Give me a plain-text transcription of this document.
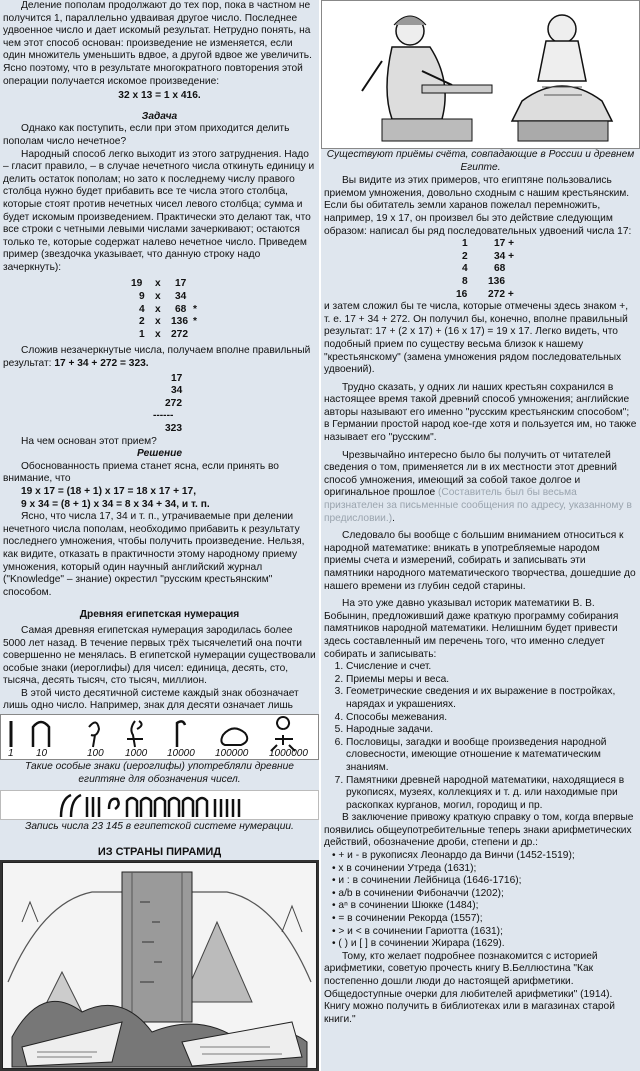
Деление пополам продолжают до тех пор, пока в частном не получится 1, параллельно удваивая другое число. Последнее удвоенное число и дает искомый результат. Нетрудно понять, на чем этот способ основан: произведение не изменяется, если один множитель уменьшить вдвое, а другой вдвое же увеличить. Ясно поэтому, что в результате многократного повторения этой операции получается искомое произведение:
32 х 13 = 1 х 416.
Задача
Однако как поступить, если при этом приходится делить пополам число нечетное?
Народный способ легко выходит из этого затруднения. Надо – гласит правило, – в случае нечетного числа откинуть единицу и делить остаток пополам; но зато к последнему числу правого столбца нужно будет прибавить все те числа этого столбца, которые стоят против нечетных чисел левого столбца; сумма и будет искомым произведением. Практически это делают так, что все строки с четными левыми числами зачеркивают; остаются только те, которые содержат налево нечетное число. Приведем пример (звездочка указывает, что данную строку надо зачеркнуть):
19 х 17
9 х 34
4 х 68 *
2 х 136 *
1 х 272
Сложив незачеркнутые числа, получаем вполне правильный результат: 17 + 34 + 272 = 323.
17
34
272
------
323
На чем основан этот прием?
Решение
Обоснованность приема станет ясна, если принять во внимание, что
19 х 17 = (18 + 1) х 17 = 18 х 17 + 17,
9 х 34 = (8 + 1) х 34 = 8 х 34 + 34, и т. п.
Ясно, что числа 17, 34 и т. п., утрачиваемые при делении нечетного числа пополам, необходимо прибавить к результату последнего умножения, чтобы получить произведение. Нельзя, как видите, отказать в практичности этому народному приему умножения, который один научный английский журнал ("Knowledge" – знание) окрестил "русским крестьянским" способом.
Древняя египетская нумерация
Самая древняя египетская нумерация зародилась более 5000 лет назад. В течение первых трёх тысячелетий она почти совершенно не менялась. В египетской нумерации существовали особые знаки (иероглифы) для чисел: единица, десять, сто, тысяча, десять тысяч, сто тысяч, миллион.
В этой чисто десятичной системе каждый знак обозначает лишь одно число. Например, знак для десяти означает лишь
1 10	100 1000 10000 100000 1000000
Такие особые знаки (иероглифы) употребляли древние египтяне для обозначения чисел.
Запись числа 23 145 в египетской системе нумерации.
ИЗ СТРАНЫ ПИРАМИД
Существуют приёмы счёта, совпадающие в России и древнем Египте.
Вы видите из этих примеров, что египтяне пользовались приемом умножения, довольно сходным с нашим крестьянским. Если бы обитатель земли харанов пожелал перемножить, например, 19 х 17, он произвел бы это действие следующим образом: написал бы ряд последовательных удвоений числа 17:
1	17 +
2	34 +
4	68
8 136
16 272 +
и затем сложил бы те числа, которые отмечены здесь знаком +, т. е. 17 + 34 + 272. Он получил бы, конечно, вполне правильный результат: 17 + (2 х 17) + (16 х 17) = 19 х 17. Легко видеть, что подобный прием по существу весьма близок к нашему "крестьянскому" (замена умножения рядом последовательных удвоений).
Трудно сказать, у одних ли наших крестьян сохранился в настоящее время такой древний способ умножения; английские авторы называют его именно "русским крестьянским способом"; в Германии простой народ кое-где хотя и пользуется им, но также называет его "русским".
Чрезвычайно интересно было бы получить от читателей сведения о том, применяется ли в их местности этот древний способ умножения, имеющий за собой такое долгое и оригинальное прошлое (Составитель был бы весьма признателен за письменные сообщения по адресу, указанному в предисловии.).
Следовало бы вообще с большим вниманием относиться к народной математике: вникать в употребляемые народом приемы счета и измерений, собирать и записывать эти памятники народного математического творчества, дошедшие до нашего времени из глубин седой старины.
На это уже давно указывал историк математики В. В. Бобынин, предложивший даже краткую программу собирания памятников народной математики. Нелишним будет привести здесь составленный им перечень того, что именно следует собирать и записывать:
1. Счисление и счет.
2. Приемы меры и веса.
3. Геометрические сведения и их выражение в постройках, нарядах и украшениях.
4. Способы межевания.
5. Народные задачи.
6. Пословицы, загадки и вообще произведения народной словесности, имеющие отношение к математическим знаниям.
7. Памятники древней народной математики, находящиеся в рукописях, музеях, коллекциях и т. д. или находимые при раскопках курганов, могил, городищ и пр.
В заключение привожу краткую справку о том, когда впервые появились общеупотребительные теперь знаки арифметических действий, обозначение дроби, степени и др.:
• + и - в рукописях Леонардо да Винчи (1452-1519);
• х в сочинении Утреда (1631);
• и : в сочинении Лейбница (1646-1716);
• a/b в сочинении Фибоначчи (1202);
• aⁿ в сочинении Шюкке (1484);
• = в сочинении Рекорда (1557);
• > и < в сочинении Гариотта (1631);
• ( ) и [ ] в сочинении Жирара (1629).
Тому, кто желает подробнее познакомится с историей арифметики, советую прочесть книгу В.Беллюстина "Как постепенно дошли люди до настоящей арифметики. Общедоступные очерки для любителей арифметики" (1914). Книгу можно получить в библиотеках или в магазинах старой книги."
